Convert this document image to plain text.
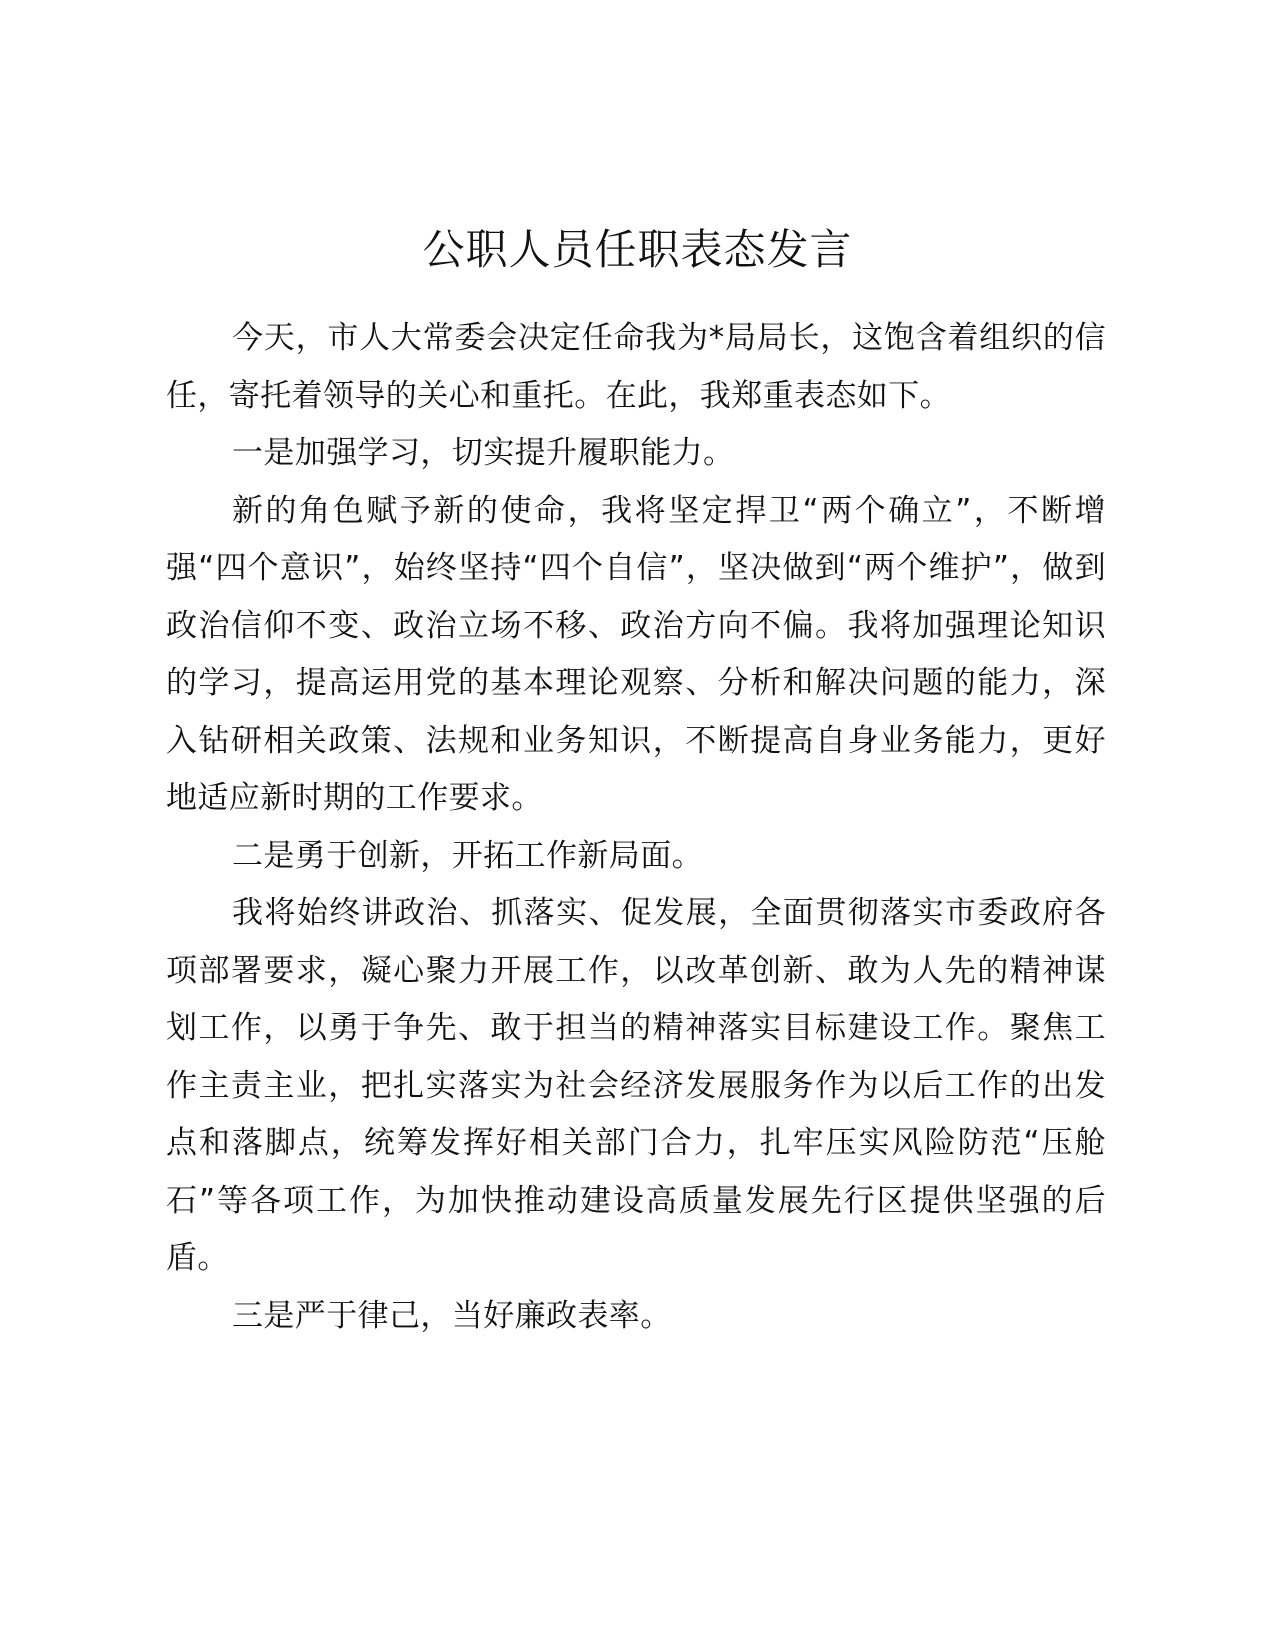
公职人员任职表态发言

今天，市人大常委会决定任命我为*局局长，这饱含着组织的信任，寄托着领导的关心和重托。在此，我郑重表态如下。

一是加强学习，切实提升履职能力。

新的角色赋予新的使命，我将坚定捍卫“两个确立”，不断增强“四个意识”，始终坚持“四个自信”，坚决做到“两个维护”，做到政治信仰不变、政治立场不移、政治方向不偏。我将加强理论知识的学习，提高运用党的基本理论观察、分析和解决问题的能力，深入钻研相关政策、法规和业务知识，不断提高自身业务能力，更好地适应新时期的工作要求。

二是勇于创新，开拓工作新局面。

我将始终讲政治、抓落实、促发展，全面贯彻落实市委政府各项部署要求，凝心聚力开展工作，以改革创新、敢为人先的精神谋划工作，以勇于争先、敢于担当的精神落实目标建设工作。聚焦工作主责主业，把扎实落实为社会经济发展服务作为以后工作的出发点和落脚点，统筹发挥好相关部门合力，扎牢压实风险防范“压舱石”等各项工作，为加快推动建设高质量发展先行区提供坚强的后盾。

三是严于律己，当好廉政表率。
